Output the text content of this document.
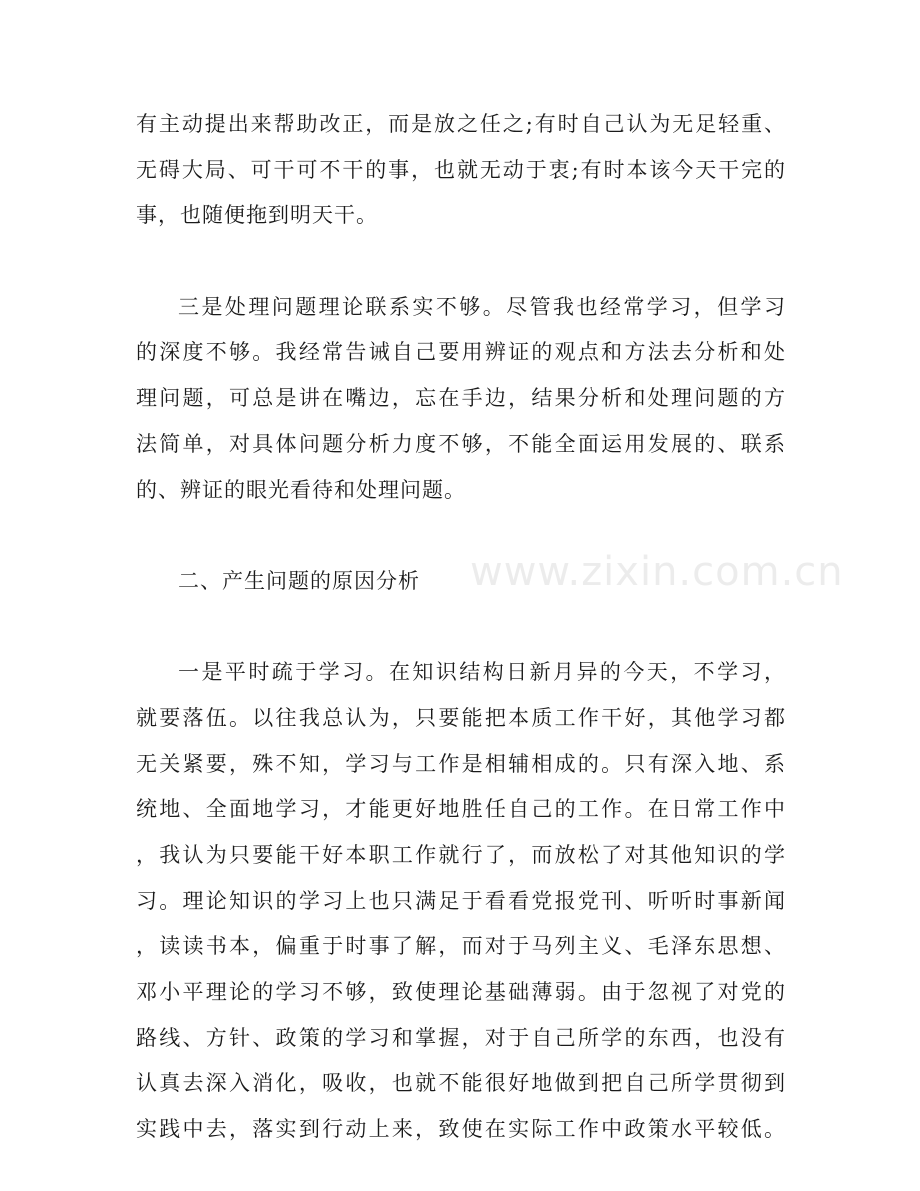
有主动提出来帮助改正，而是放之任之;有时自己认为无足轻重、
无碍大局、可干可不干的事，也就无动于衷;有时本该今天干完的
事，也随便拖到明天干。
三是处理问题理论联系实不够。尽管我也经常学习，但学习
的深度不够。我经常告诫自己要用辨证的观点和方法去分析和处
理问题，可总是讲在嘴边，忘在手边，结果分析和处理问题的方
法简单，对具体问题分析力度不够，不能全面运用发展的、联系
的、辨证的眼光看待和处理问题。
二、产生问题的原因分析
一是平时疏于学习。在知识结构日新月异的今天，不学习，
就要落伍。以往我总认为，只要能把本质工作干好，其他学习都
无关紧要，殊不知，学习与工作是相辅相成的。只有深入地、系
统地、全面地学习，才能更好地胜任自己的工作。在日常工作中
，我认为只要能干好本职工作就行了，而放松了对其他知识的学
习。理论知识的学习上也只满足于看看党报党刊、听听时事新闻
，读读书本，偏重于时事了解，而对于马列主义、毛泽东思想、
邓小平理论的学习不够，致使理论基础薄弱。由于忽视了对党的
路线、方针、政策的学习和掌握，对于自己所学的东西，也没有
认真去深入消化，吸收，也就不能很好地做到把自己所学贯彻到
实践中去，落实到行动上来，致使在实际工作中政策水平较低。
www.zixin.com.cn
